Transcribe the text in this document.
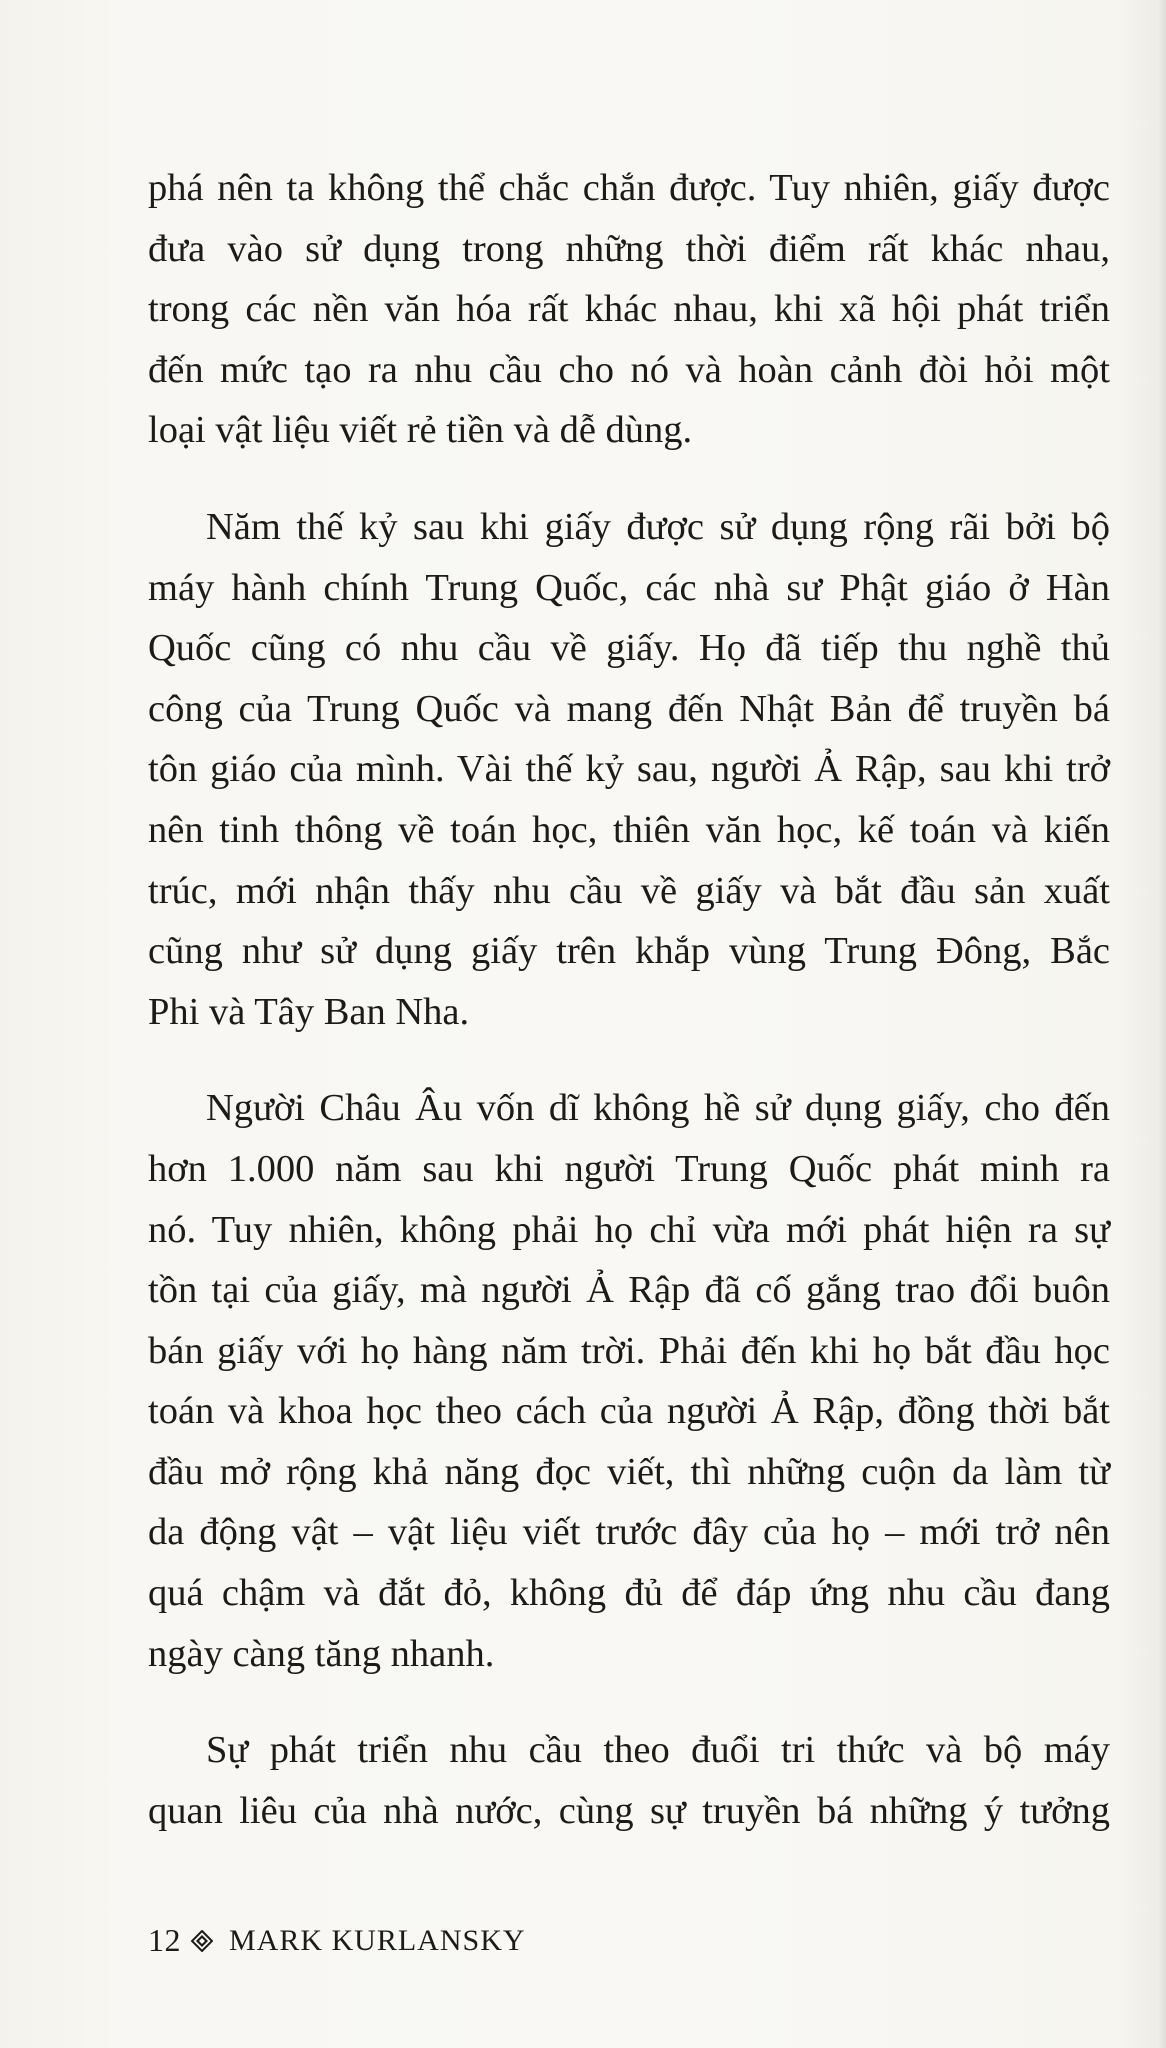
phá nên ta không thể chắc chắn được. Tuy nhiên, giấy được
đưa vào sử dụng trong những thời điểm rất khác nhau,
trong các nền văn hóa rất khác nhau, khi xã hội phát triển
đến mức tạo ra nhu cầu cho nó và hoàn cảnh đòi hỏi một
loại vật liệu viết rẻ tiền và dễ dùng.
Năm thế kỷ sau khi giấy được sử dụng rộng rãi bởi bộ
máy hành chính Trung Quốc, các nhà sư Phật giáo ở Hàn
Quốc cũng có nhu cầu về giấy. Họ đã tiếp thu nghề thủ
công của Trung Quốc và mang đến Nhật Bản để truyền bá
tôn giáo của mình. Vài thế kỷ sau, người Ả Rập, sau khi trở
nên tinh thông về toán học, thiên văn học, kế toán và kiến
trúc, mới nhận thấy nhu cầu về giấy và bắt đầu sản xuất
cũng như sử dụng giấy trên khắp vùng Trung Đông, Bắc
Phi và Tây Ban Nha.
Người Châu Âu vốn dĩ không hề sử dụng giấy, cho đến
hơn 1.000 năm sau khi người Trung Quốc phát minh ra
nó. Tuy nhiên, không phải họ chỉ vừa mới phát hiện ra sự
tồn tại của giấy, mà người Ả Rập đã cố gắng trao đổi buôn
bán giấy với họ hàng năm trời. Phải đến khi họ bắt đầu học
toán và khoa học theo cách của người Ả Rập, đồng thời bắt
đầu mở rộng khả năng đọc viết, thì những cuộn da làm từ
da động vật – vật liệu viết trước đây của họ – mới trở nên
quá chậm và đắt đỏ, không đủ để đáp ứng nhu cầu đang
ngày càng tăng nhanh.
Sự phát triển nhu cầu theo đuổi tri thức và bộ máy
quan liêu của nhà nước, cùng sự truyền bá những ý tưởng
12 MARK KURLANSKY
